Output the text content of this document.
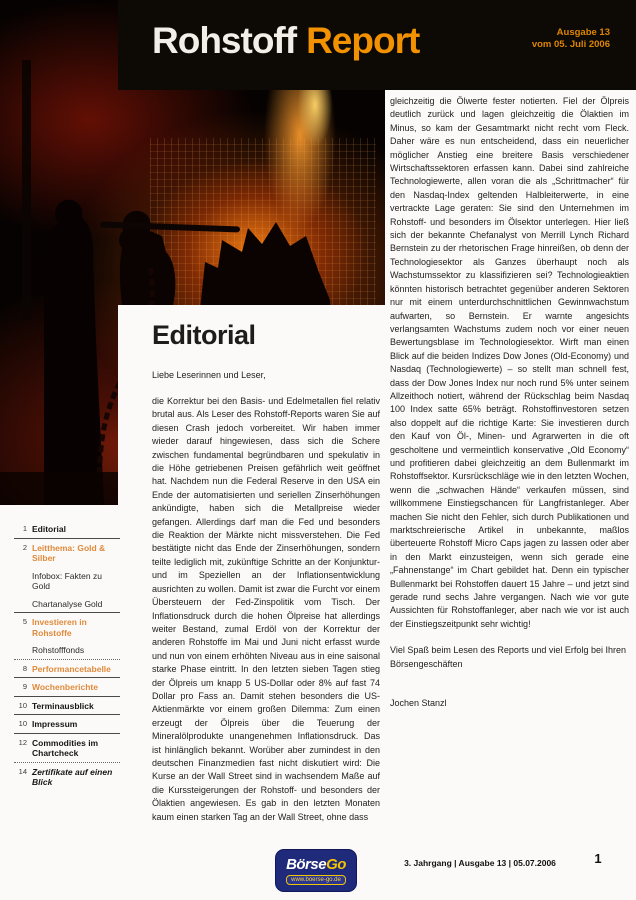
Rohstoff Report	Ausgabe 13
vom 05. Juli 2006
Editorial

Liebe Leserinnen und Leser,

die Korrektur bei den Basis- und Edelmetallen fiel relativ brutal aus. Als Leser des Rohstoff-Reports waren Sie auf diesen Crash jedoch vorbereitet. Wir haben immer wieder darauf hingewiesen, dass sich die Schere zwischen fundamental begründbaren und spekulativ in die Höhe getriebenen Preisen gefährlich weit geöffnet hat. Nachdem nun die Federal Reserve in den USA ein Ende der automatisierten und seriellen Zinserhöhungen ankündigte, haben sich die Metallpreise wieder gefangen. Allerdings darf man die Fed und besonders die Reaktion der Märkte nicht missverstehen. Die Fed bestätigte nicht das Ende der Zinserhöhungen, sondern teilte lediglich mit, zukünftige Schritte an der Konjunktur- und im Speziellen an der Inflationsentwicklung ausrichten zu wollen. Damit ist zwar die Furcht vor einem Übersteuern der Fed-Zinspolitik vom Tisch. Der Inflationsdruck durch die hohen Ölpreise hat allerdings weiter Bestand, zumal Erdöl von der Korrektur der anderen Rohstoffe im Mai und Juni nicht erfasst wurde und nun von einem erhöhten Niveau aus in eine saisonal starke Phase eintritt. In den letzten sieben Tagen stieg der Ölpreis um knapp 5 US-Dollar oder 8% auf fast 74 Dollar pro Fass an. Damit stehen besonders die US-Aktienmärkte vor einem großen Dilemma: Zum einen erzeugt der Ölpreis über die Teuerung der Mineralölprodukte unangenehmen Inflationsdruck. Das ist hinlänglich bekannt. Worüber aber zumindest in den deutschen Finanzmedien fast nicht diskutiert wird: Die Kurse an der Wall Street sind in wachsendem Maße auf die Kurssteigerungen der Rohstoff- und besonders der Ölaktien angewiesen. Es gab in den letzten Monaten kaum einen starken Tag an der Wall Street, ohne dass

gleichzeitig die Ölwerte fester notierten. Fiel der Ölpreis deutlich zurück und lagen gleichzeitig die Ölaktien im Minus, so kam der Gesamtmarkt nicht recht vom Fleck. Daher wäre es nun entscheidend, dass ein neuerlicher möglicher Anstieg eine breitere Basis verschiedener Wirtschaftssektoren erfassen kann. Dabei sind zahlreiche Technologiewerte, allen voran die als „Schrittmacher“ für den Nasdaq-Index geltenden Halbleiterwerte, in eine vertrackte Lage geraten: Sie sind den Unternehmen im Rohstoff- und besonders im Ölsektor unterlegen. Hier ließ sich der bekannte Chefanalyst von Merrill Lynch Richard Bernstein zu der rhetorischen Frage hinreißen, ob denn der Technologiesektor als Ganzes überhaupt noch als Wachstumssektor zu klassifizieren sei? Technologieaktien könnten historisch betrachtet gegenüber anderen Sektoren nur mit einem unterdurchschnittlichen Gewinnwachstum aufwarten, so Bernstein. Er warnte angesichts verlangsamten Wachstums zudem noch vor einer neuen Bewertungsblase im Technologiesektor. Wirft man einen Blick auf die beiden Indizes Dow Jones (Old-Economy) und Nasdaq (Technologiewerte) – so stellt man schnell fest, dass der Dow Jones Index nur noch rund 5% unter seinem Allzeithoch notiert, während der Rückschlag beim Nasdaq 100 Index satte 65% beträgt. Rohstoffinvestoren setzen also doppelt auf die richtige Karte: Sie investieren durch den Kauf von Öl-, Minen- und Agrarwerten in die oft gescholtene und vermeintlich konservative „Old Economy“ und profitieren dabei gleichzeitig an dem Bullenmarkt im Rohstoffsektor. Kursrückschläge wie in den letzten Wochen, wenn die „schwachen Hände“ verkaufen müssen, sind willkommene Einstiegschancen für Langfristanleger. Aber machen Sie nicht den Fehler, sich durch Publikationen und marktschreierische Artikel in unbekannte, maßlos überteuerte Rohstoff Micro Caps jagen zu lassen oder aber in den Markt einzusteigen, wenn sich gerade eine „Fahnenstange“ im Chart gebildet hat. Denn ein typischer Bullenmarkt bei Rohstoffen dauert 15 Jahre – und jetzt sind gerade rund sechs Jahre vergangen. Nach wie vor gute Aussichten für Rohstoffanleger, aber nach wie vor ist auch der Einstiegszeitpunkt sehr wichtig!

Viel Spaß beim Lesen des Reports und viel Erfolg bei Ihren Börsengeschäften

Jochen Stanzl

1 Editorial
2 Leitthema: Gold & Silber
Infobox: Fakten zu Gold
Chartanalyse Gold
5 Investieren in Rohstoffe
Rohstofffonds
8 Performancetabelle
9 Wochenberichte
10 Terminausblick
10 Impressum
12 Commodities im Chartcheck
14 Zertifikate auf einen Blick
BörseGo
www.boerse-go.de
3. Jahrgang | Ausgabe 13 | 05.07.2006	1
